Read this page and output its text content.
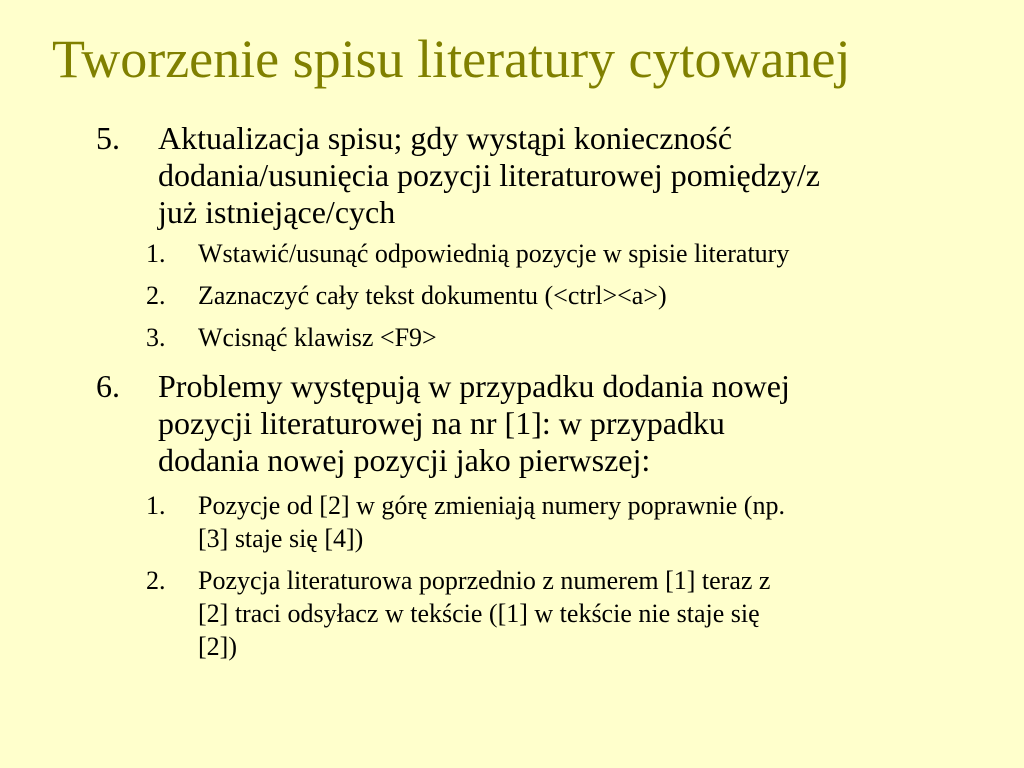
Tworzenie spisu literatury cytowanej
5.	Aktualizacja spisu; gdy wystąpi konieczność
dodania/usunięcia pozycji literaturowej pomiędzy/z
już istniejące/cych
1.	Wstawić/usunąć odpowiednią pozycje w spisie literatury
2.	Zaznaczyć cały tekst dokumentu (<ctrl><a>)
3.	Wcisnąć klawisz <F9>
6.	Problemy występują w przypadku dodania nowej
pozycji literaturowej na nr [1]: w przypadku
dodania nowej pozycji jako pierwszej:
1.	Pozycje od [2] w górę zmieniają numery poprawnie (np.
[3] staje się [4])
2.	Pozycja literaturowa poprzednio z numerem [1] teraz z
[2] traci odsyłacz w tekście ([1] w tekście nie staje się
[2])
